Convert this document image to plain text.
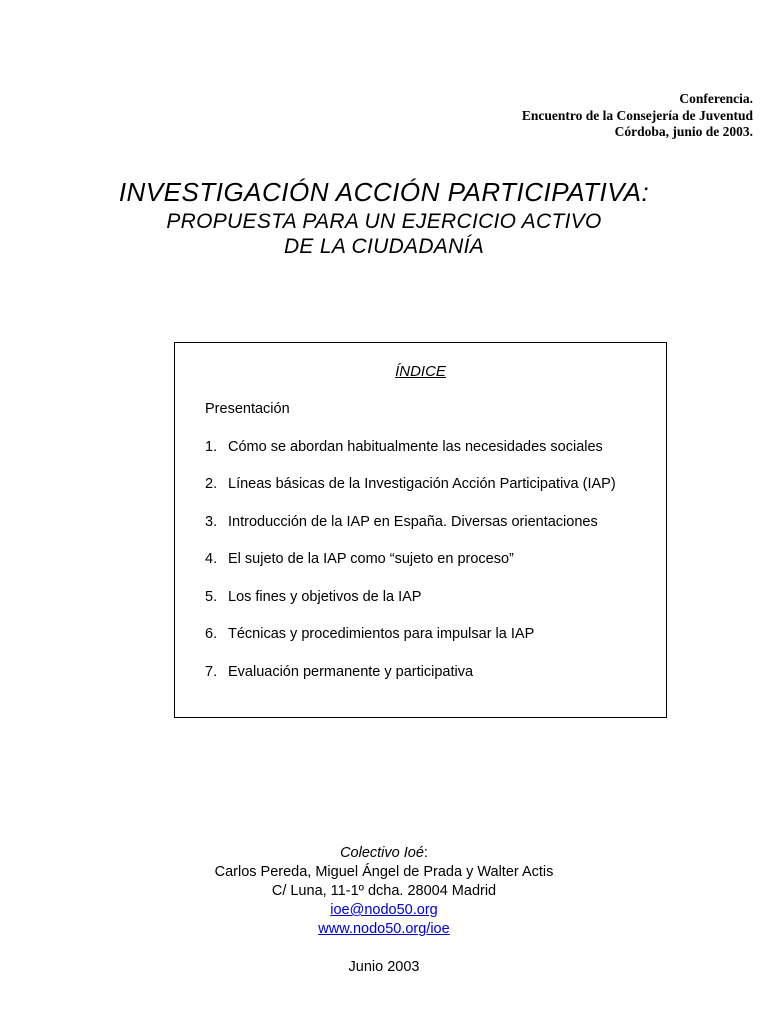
Conferencia.
Encuentro de la Consejería de Juventud
Córdoba, junio de 2003.
INVESTIGACIÓN ACCIÓN PARTICIPATIVA:
PROPUESTA PARA UN EJERCICIO ACTIVO
DE LA CIUDADANÍA
ÍNDICE
Presentación
1. Cómo se abordan habitualmente las necesidades sociales
2. Líneas básicas de la Investigación Acción Participativa (IAP)
3. Introducción de la IAP en España. Diversas orientaciones
4. El sujeto de la IAP como “sujeto en proceso”
5. Los fines y objetivos de la IAP
6. Técnicas y procedimientos para impulsar la IAP
7. Evaluación permanente y participativa
Colectivo Ioé:
Carlos Pereda, Miguel Ángel de Prada y Walter Actis
C/ Luna, 11-1º dcha. 28004 Madrid
ioe@nodo50.org
www.nodo50.org/ioe
Junio 2003
